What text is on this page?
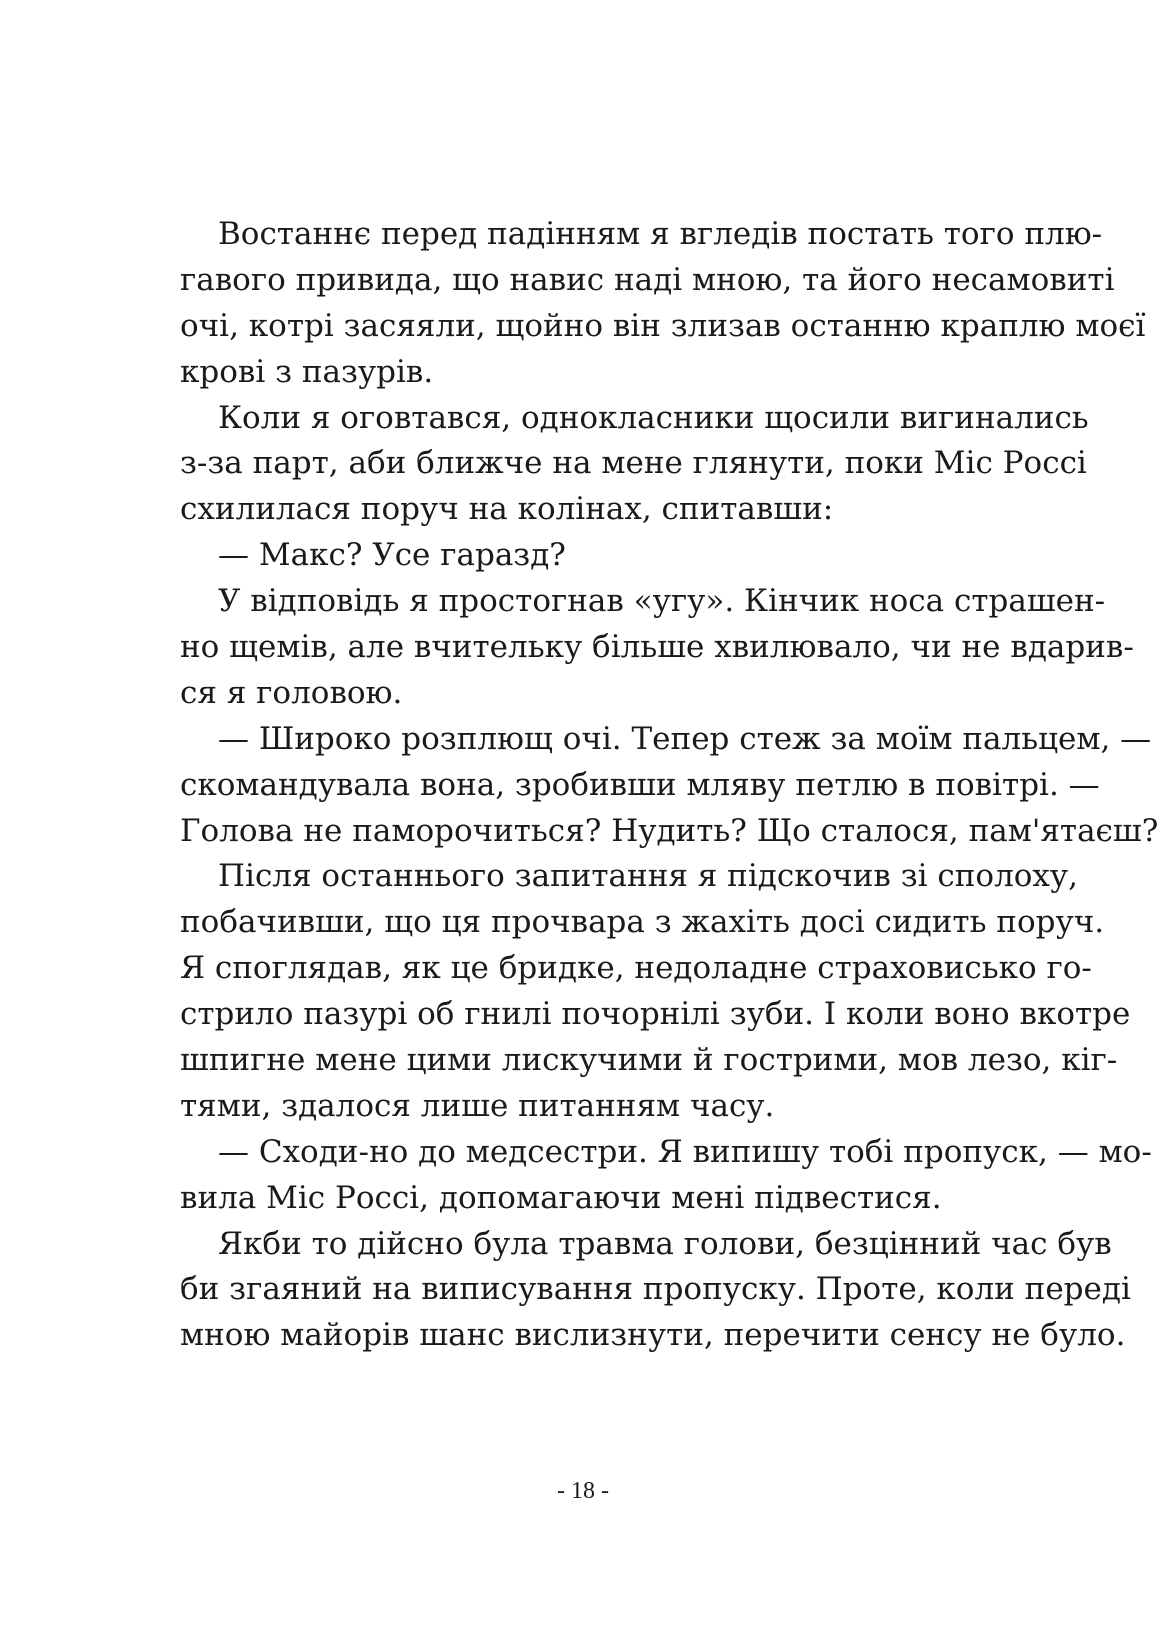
Востаннє перед падінням я вгледів постать того плю-
гавого привида, що навис наді мною, та його несамовиті
очі, котрі засяяли, щойно він злизав останню краплю моєї
крові з пазурів.
Коли я оговтався, однокласники щосили вигинались
з-за парт, аби ближче на мене глянути, поки Міс Россі
схилилася поруч на колінах, спитавши:
— Макс? Усе гаразд?
У відповідь я простогнав «угу». Кінчик носа страшен-
но щемів, але вчительку більше хвилювало, чи не вдарив-
ся я головою.
— Широко розплющ очі. Тепер стеж за моїм пальцем, —
скомандувала вона, зробивши мляву петлю в повітрі. —
Голова не паморочиться? Нудить? Що сталося, пам'ятаєш?
Після останнього запитання я підскочив зі сполоху,
побачивши, що ця прочвара з жахіть досі сидить поруч.
Я споглядав, як це бридке, недоладне страховисько го-
стрило пазурі об гнилі почорнілі зуби. І коли воно вкотре
шпигне мене цими лискучими й гострими, мов лезо, кіг-
тями, здалося лише питанням часу.
— Сходи-но до медсестри. Я випишу тобі пропуск, — мо-
вила Міс Россі, допомагаючи мені підвестися.
Якби то дійсно була травма голови, безцінний час був
би згаяний на виписування пропуску. Проте, коли переді
мною майорів шанс вислизнути, перечити сенсу не було.
- 18 -
